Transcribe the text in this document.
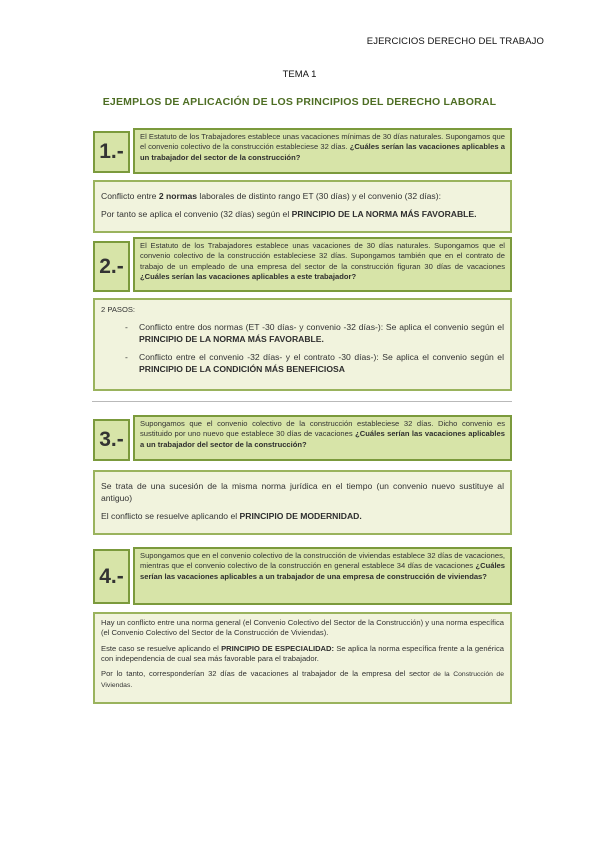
EJERCICIOS DERECHO DEL TRABAJO
TEMA 1
EJEMPLOS DE APLICACIÓN DE LOS PRINCIPIOS DEL DERECHO LABORAL
1.-
El Estatuto de los Trabajadores establece unas vacaciones mínimas de 30 días naturales. Supongamos que el convenio colectivo de la construcción estableciese 32 días. ¿Cuáles serían las vacaciones aplicables a un trabajador del sector de la construcción?

Conflicto entre 2 normas laborales de distinto rango ET (30 días) y el convenio (32 días):

Por tanto se aplica el convenio (32 días) según el PRINCIPIO DE LA NORMA MÁS FAVORABLE.

2.-
El Estatuto de los Trabajadores establece unas vacaciones de 30 días naturales. Supongamos que el convenio colectivo de la construcción estableciese 32 días. Supongamos también que en el contrato de trabajo de un empleado de una empresa del sector de la construcción figuran 30 días de vacaciones ¿Cuáles serían las vacaciones aplicables a este trabajador?

2 PASOS:

- Conflicto entre dos normas (ET -30 días- y convenio -32 días-): Se aplica el convenio según el PRINCIPIO DE LA NORMA MÁS FAVORABLE.
- Conflicto entre el convenio -32 días- y el contrato -30 días-): Se aplica el convenio según el PRINCIPIO DE LA CONDICIÓN MÁS BENEFICIOSA
3.-
Supongamos que el convenio colectivo de la construcción estableciese 32 días. Dicho convenio es sustituido por uno nuevo que establece 30 días de vacaciones ¿Cuáles serían las vacaciones aplicables a un trabajador del sector de la construcción?

Se trata de una sucesión de la misma norma jurídica en el tiempo (un convenio nuevo sustituye al antiguo)

El conflicto se resuelve aplicando el PRINCIPIO DE MODERNIDAD.

4.-
Supongamos que en el convenio colectivo de la construcción de viviendas establece 32 días de vacaciones, mientras que el convenio colectivo de la construcción en general establece 34 días de vacaciones ¿Cuáles serían las vacaciones aplicables a un trabajador de una empresa de construcción de viviendas?

Hay un conflicto entre una norma general (el Convenio Colectivo del Sector de la Construcción) y una norma específica (el Convenio Colectivo del Sector de la Construcción de Viviendas).

Este caso se resuelve aplicando el PRINCIPIO DE ESPECIALIDAD: Se aplica la norma específica frente a la genérica con independencia de cual sea más favorable para el trabajador.

Por lo tanto, corresponderían 32 días de vacaciones al trabajador de la empresa del sector de la Construcción de Viviendas.
